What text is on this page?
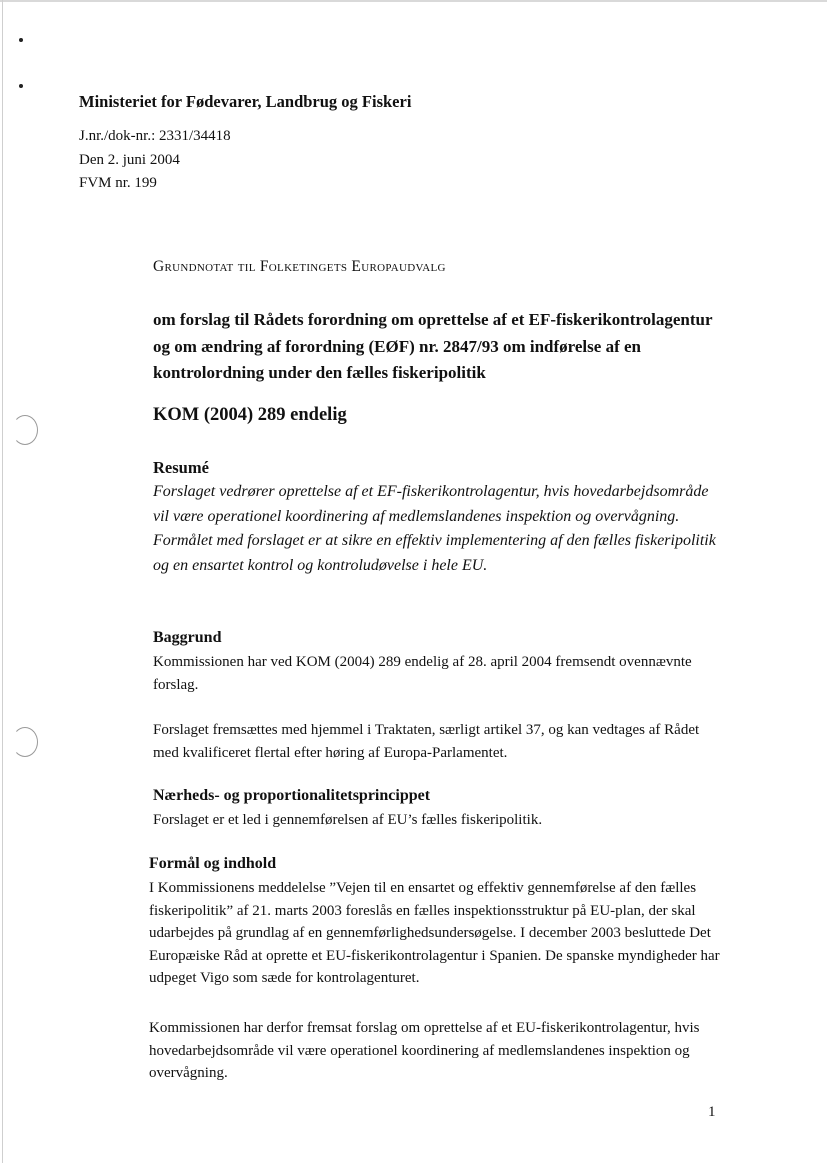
Ministeriet for Fødevarer, Landbrug og Fiskeri
J.nr./dok-nr.: 2331/34418
Den 2. juni 2004
FVM nr. 199
Grundnotat til Folketingets Europaudvalg
om forslag til Rådets forordning om oprettelse af et EF-fiskerikontrolagentur og om ændring af forordning (EØF) nr. 2847/93 om indførelse af en kontrolordning under den fælles fiskeripolitik
KOM (2004) 289 endelig
Resumé
Forslaget vedrører oprettelse af et EF-fiskerikontrolagentur, hvis hovedarbejdsområde vil være operationel koordinering af medlemslandenes inspektion og overvågning. Formålet med forslaget er at sikre en effektiv implementering af den fælles fiskeripolitik og en ensartet kontrol og kontroludøvelse i hele EU.
Baggrund
Kommissionen har ved KOM (2004) 289 endelig af 28. april 2004 fremsendt ovennævnte forslag.
Forslaget fremsættes med hjemmel i Traktaten, særligt artikel 37, og kan vedtages af Rådet med kvalificeret flertal efter høring af Europa-Parlamentet.
Nærheds- og proportionalitetsprincippet
Forslaget er et led i gennemførelsen af EU’s fælles fiskeripolitik.
Formål og indhold
I Kommissionens meddelelse ”Vejen til en ensartet og effektiv gennemførelse af den fælles fiskeripolitik” af 21. marts 2003 foreslås en fælles inspektionsstruktur på EU-plan, der skal udarbejdes på grundlag af en gennemførlighedsundersøgelse. I december 2003 besluttede Det Europæiske Råd at oprette et EU-fiskerikontrolagentur i Spanien. De spanske myndigheder har udpeget Vigo som sæde for kontrolagenturet.
Kommissionen har derfor fremsat forslag om oprettelse af et EU-fiskerikontrolagentur, hvis hovedarbejdsområde vil være operationel koordinering af medlemslandenes inspektion og overvågning.
1
